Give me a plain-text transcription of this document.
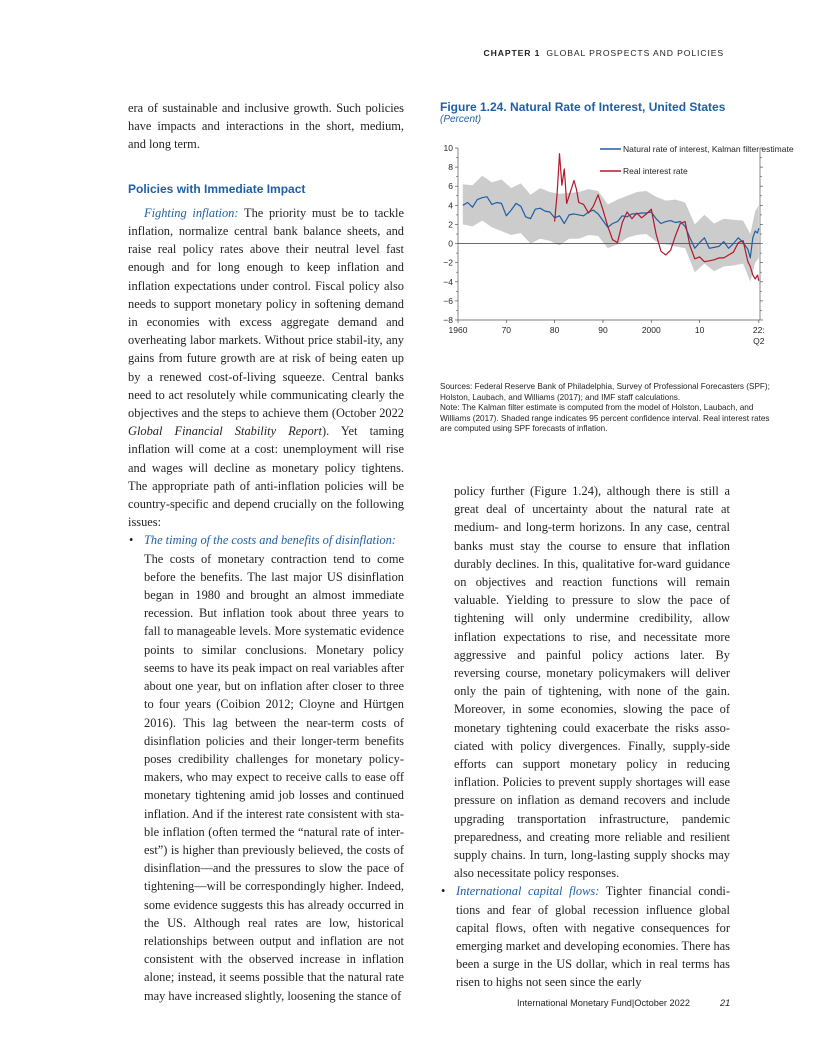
CHAPTER 1 GLOBAL PROSPECTS AND POLICIES

era of sustainable and inclusive growth. Such policies have impacts and interactions in the short, medium, and long term.

Policies with Immediate Impact

Fighting inflation: The priority must be to tackle inflation, normalize central bank balance sheets, and raise real policy rates above their neutral level fast enough and for long enough to keep inflation and inflation expectations under control. Fiscal policy also needs to support monetary policy in softening demand in economies with excess aggregate demand and overheating labor markets. Without price stabil-ity, any gains from future growth are at risk of being eaten up by a renewed cost-of-living squeeze. Central banks need to act resolutely while communicating clearly the objectives and the steps to achieve them (October 2022 Global Financial Stability Report). Yet taming inflation will come at a cost: unemployment will rise and wages will decline as monetary policy tightens. The appropriate path of anti-inflation policies will be country-specific and depend crucially on the following issues:

• The timing of the costs and benefits of disinflation:

The costs of monetary contraction tend to come before the benefits. The last major US disinflation began in 1980 and brought an almost immediate recession. But inflation took about three years to fall to manageable levels. More systematic evidence points to similar conclusions. Monetary policy seems to have its peak impact on real variables after about one year, but on inflation after closer to three to four years (Coibion 2012; Cloyne and Hürtgen 2016). This lag between the near-term costs of disinflation policies and their longer-term benefits poses credibility challenges for monetary policy-makers, who may expect to receive calls to ease off monetary tightening amid job losses and continued inflation. And if the interest rate consistent with sta-ble inflation (often termed the “natural rate of inter-est”) is higher than previously believed, the costs of disinflation—and the pressures to slow the pace of tightening—will be correspondingly higher. Indeed, some evidence suggests this has already occurred in the US. Although real rates are low, historical relationships between output and inflation are not consistent with the observed increase in inflation alone; instead, it seems possible that the natural rate may have increased slightly, loosening the stance of

Figure 1.24. Natural Rate of Interest, United States
(Percent)
10
8
6
4
2
0
−2
−4
−6
−8
1960	70	80	90	2000	10	22:
Q2
Natural rate of interest, Kalman filter estimate
Real interest rate
Sources: Federal Reserve Bank of Philadelphia, Survey of Professional Forecasters (SPF); Holston, Laubach, and Williams (2017); and IMF staff calculations.
Note: The Kalman filter estimate is computed from the model of Holston, Laubach, and Williams (2017). Shaded range indicates 95 percent confidence interval. Real interest rates are computed using SPF forecasts of inflation.

policy further (Figure 1.24), although there is still a great deal of uncertainty about the natural rate at medium- and long-term horizons. In any case, central banks must stay the course to ensure that inflation durably declines. In this, qualitative for-ward guidance on objectives and reaction functions will remain valuable. Yielding to pressure to slow the pace of tightening will only undermine credibility, allow inflation expectations to rise, and necessitate more aggressive and painful policy actions later. By reversing course, monetary policymakers will deliver only the pain of tightening, with none of the gain. Moreover, in some economies, slowing the pace of monetary tightening could exacerbate the risks asso-ciated with policy divergences. Finally, supply-side efforts can support monetary policy in reducing inflation. Policies to prevent supply shortages will ease pressure on inflation as demand recovers and include upgrading transportation infrastructure, pandemic preparedness, and creating more reliable and resilient supply chains. In turn, long-lasting supply shocks may also necessitate policy responses.

• International capital flows: Tighter financial condi-tions and fear of global recession influence global capital flows, often with negative consequences for emerging market and developing economies. There has been a surge in the US dollar, which in real terms has risen to highs not seen since the early

International Monetary Fund|October 2022	21
